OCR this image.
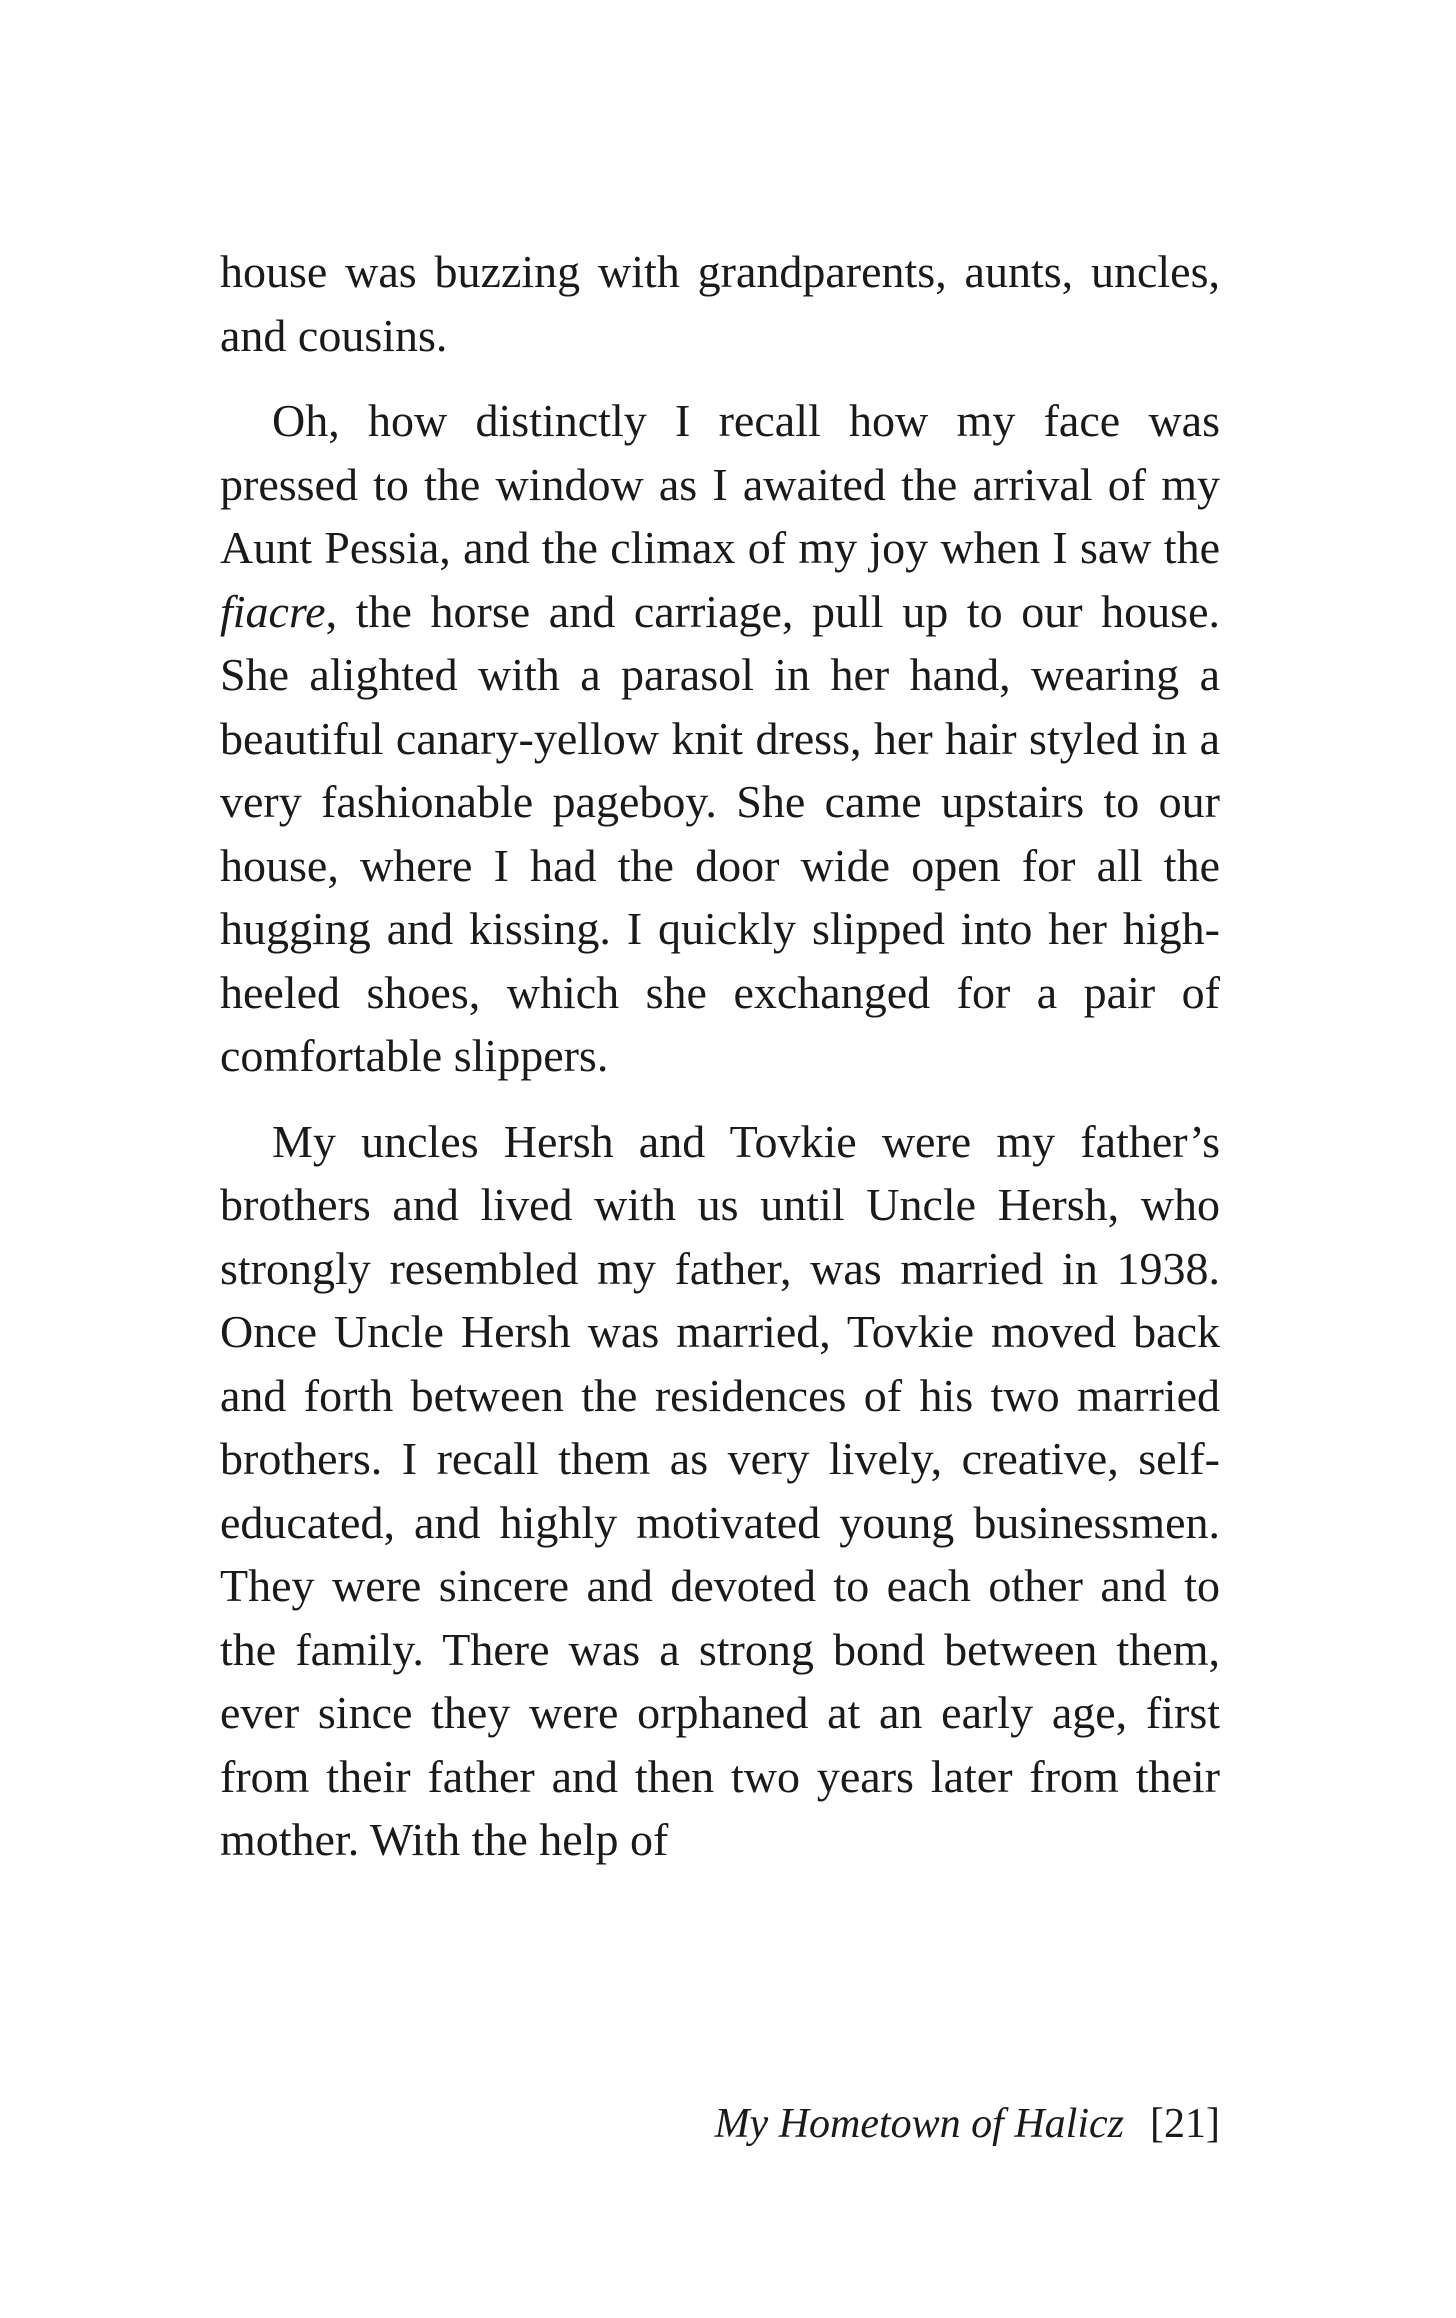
house was buzzing with grandparents, aunts, uncles, and cousins.

Oh, how distinctly I recall how my face was pressed to the window as I awaited the arrival of my Aunt Pessia, and the climax of my joy when I saw the fiacre, the horse and carriage, pull up to our house. She alighted with a parasol in her hand, wearing a beautiful canary-yellow knit dress, her hair styled in a very fashionable pageboy. She came upstairs to our house, where I had the door wide open for all the hugging and kissing. I quickly slipped into her high-heeled shoes, which she exchanged for a pair of comfortable slippers.

My uncles Hersh and Tovkie were my father’s brothers and lived with us until Uncle Hersh, who strongly resembled my father, was married in 1938. Once Uncle Hersh was married, Tovkie moved back and forth between the residences of his two married brothers. I recall them as very lively, creative, self-educated, and highly motivated young businessmen. They were sincere and devoted to each other and to the family. There was a strong bond between them, ever since they were orphaned at an early age, first from their father and then two years later from their mother. With the help of

My Hometown of Halicz [21]
